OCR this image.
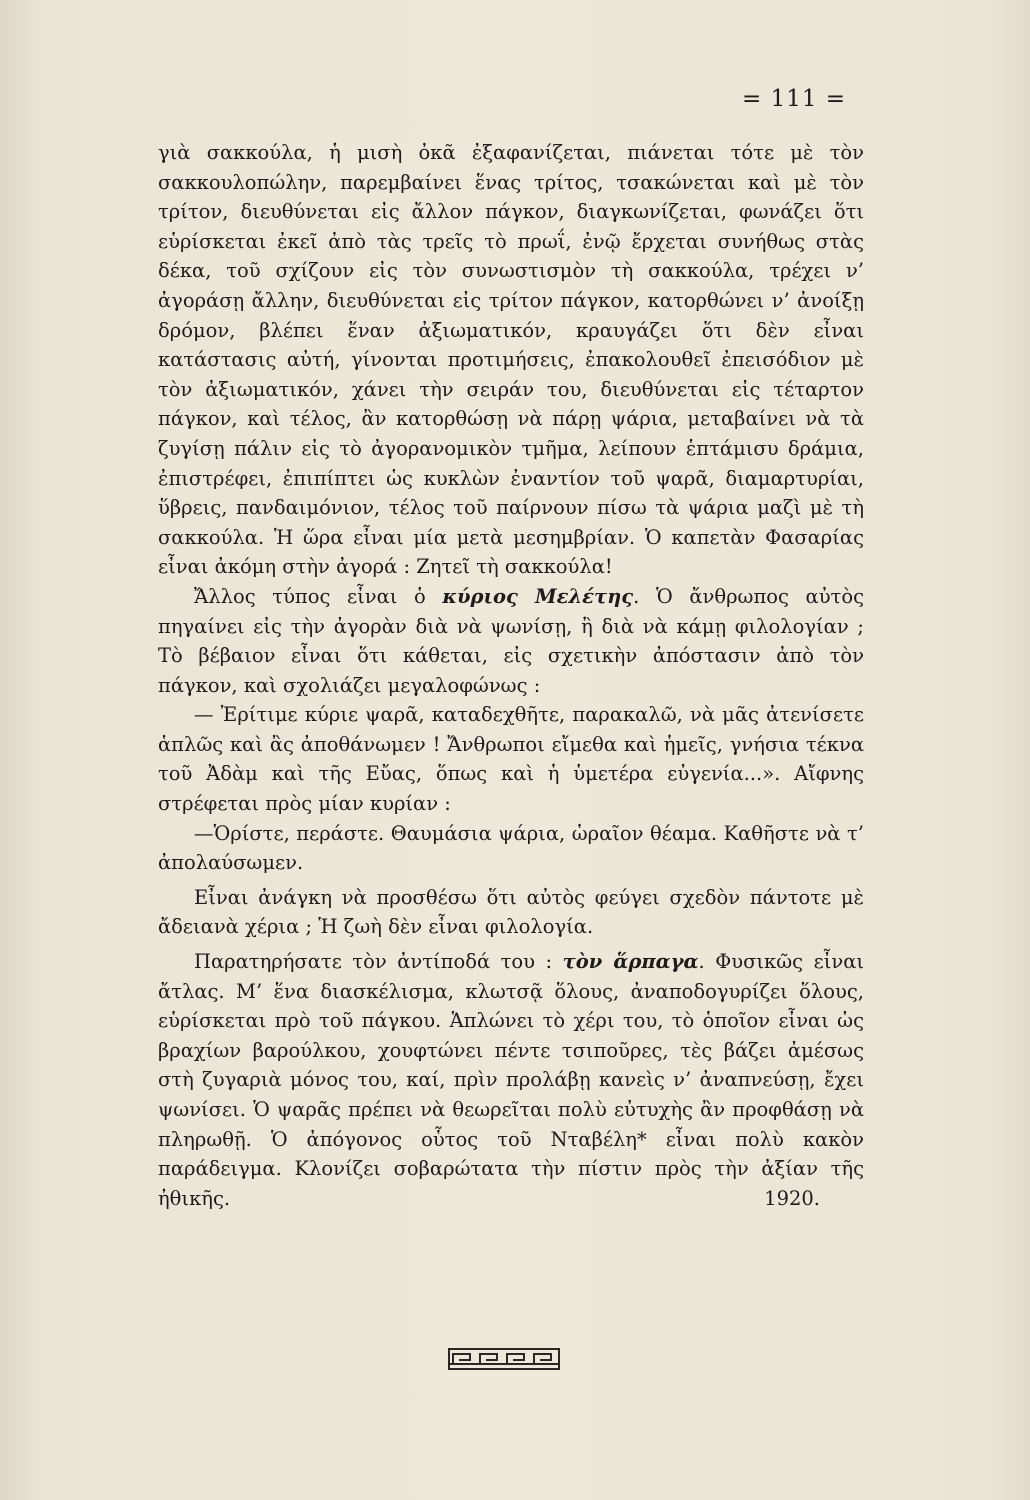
= 111 =

γιὰ σακκούλα, ἡ μισὴ ὀκᾶ ἐξαφανίζεται, πιάνεται τότε μὲ τὸν σακκουλοπώλην, παρεμβαίνει ἕνας τρίτος, τσακώνεται καὶ μὲ τὸν τρίτον, διευθύνεται εἰς ἄλλον πάγκον, διαγκωνίζεται, φωνάζει ὅτι εὑρίσκεται ἐκεῖ ἀπὸ τὰς τρεῖς τὸ πρωΐ, ἐνῷ ἔρχεται συνήθως στὰς δέκα, τοῦ σχίζουν εἰς τὸν συνωστισμὸν τὴ σακκούλα, τρέχει ν’ ἀγοράσῃ ἄλλην, διευθύνεται εἰς τρίτον πάγκον, κατορθώνει ν’ ἀνοίξῃ δρόμον, βλέπει ἕναν ἀξιωματικόν, κραυγάζει ὅτι δὲν εἶναι κατάστασις αὐτή, γίνονται προτιμήσεις, ἐπακολουθεῖ ἐπεισόδιον μὲ τὸν ἀξιωματικόν, χάνει τὴν σειράν του, διευθύνεται εἰς τέταρτον πάγκον, καὶ τέλος, ἂν κατορθώσῃ νὰ πάρῃ ψάρια, μεταβαίνει νὰ τὰ ζυγίσῃ πάλιν εἰς τὸ ἀγορανομικὸν τμῆμα, λείπουν ἑπτάμισυ δράμια, ἐπιστρέφει, ἐπιπίπτει ὡς κυκλὼν ἐναντίον τοῦ ψαρᾶ, διαμαρτυρίαι, ὕβρεις, πανδαιμόνιον, τέλος τοῦ παίρνουν πίσω τὰ ψάρια μαζὶ μὲ τὴ σακκούλα. Ἡ ὥρα εἶναι μία μετὰ μεσημβρίαν. Ὁ καπετὰν Φασαρίας εἶναι ἀκόμη στὴν ἀγορά : Ζητεῖ τὴ σακκούλα!

Ἄλλος τύπος εἶναι ὁ κύριος Μελέτης. Ὁ ἄνθρωπος αὐτὸς πηγαίνει εἰς τὴν ἀγορὰν διὰ νὰ ψωνίσῃ, ἢ διὰ νὰ κάμῃ φιλολογίαν ; Τὸ βέβαιον εἶναι ὅτι κάθεται, εἰς σχετικὴν ἀπόστασιν ἀπὸ τὸν πάγκον, καὶ σχολιάζει μεγαλοφώνως :

— Ἐρίτιμε κύριε ψαρᾶ, καταδεχθῆτε, παρακαλῶ, νὰ μᾶς ἀτενίσετε ἁπλῶς καὶ ἂς ἀποθάνωμεν ! Ἄνθρωποι εἴμεθα καὶ ἡμεῖς, γνήσια τέκνα τοῦ Ἀδὰμ καὶ τῆς Εὔας, ὅπως καὶ ἡ ὑμετέρα εὐγενία...». Αἴφνης στρέφεται πρὸς μίαν κυρίαν :

—Ὁρίστε, περάστε. Θαυμάσια ψάρια, ὡραῖον θέαμα. Καθῆστε νὰ τ’ ἀπολαύσωμεν.

Εἶναι ἀνάγκη νὰ προσθέσω ὅτι αὐτὸς φεύγει σχεδὸν πάντοτε μὲ ἄδειανὰ χέρια ; Ἡ ζωὴ δὲν εἶναι φιλολογία.

Παρατηρήσατε τὸν ἀντίποδά του : τὸν ἅρπαγα. Φυσικῶς εἶναι ἄτλας. Μ’ ἕνα διασκέλισμα, κλωτσᾷ ὅλους, ἀναποδογυρίζει ὅλους, εὑρίσκεται πρὸ τοῦ πάγκου. Ἁπλώνει τὸ χέρι του, τὸ ὁποῖον εἶναι ὡς βραχίων βαρούλκου, χουφτώνει πέντε τσιποῦρες, τὲς βάζει ἀμέσως στὴ ζυγαριὰ μόνος του, καί, πρὶν προλάβῃ κανεὶς ν’ ἀναπνεύσῃ, ἔχει ψωνίσει. Ὁ ψαρᾶς πρέπει νὰ θεωρεῖται πολὺ εὐτυχὴς ἂν προφθάσῃ νὰ πληρωθῇ. Ὁ ἀπόγονος οὗτος τοῦ Νταβέλη* εἶναι πολὺ κακὸν παράδειγμα. Κλονίζει σοβαρώτατα τὴν πίστιν πρὸς τὴν ἀξίαν τῆς ἠθικῆς.	1920.
